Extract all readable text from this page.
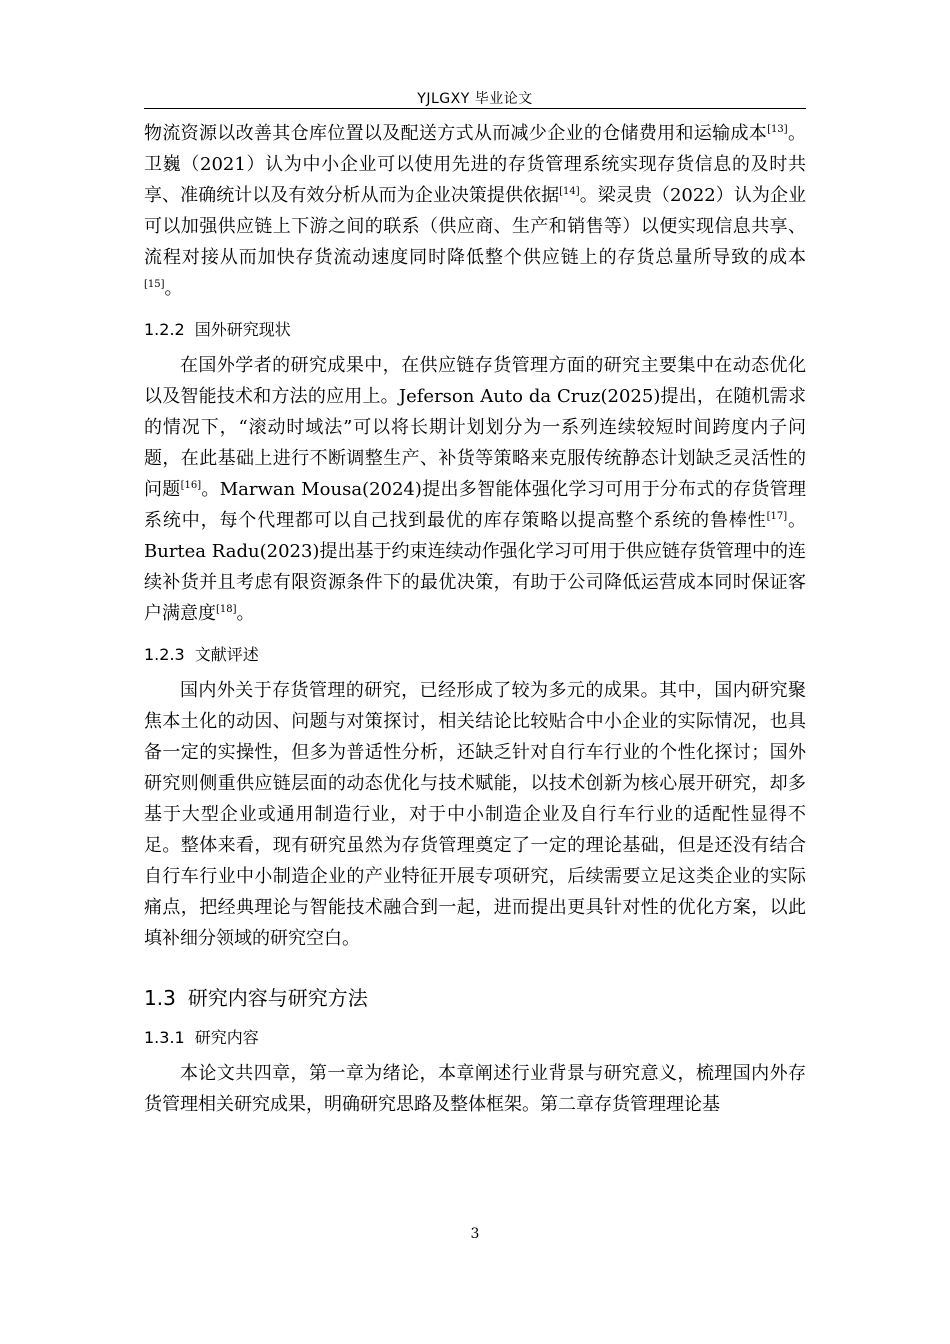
YJLGXY 毕业论文

物流资源以改善其仓库位置以及配送方式从而减少企业的仓储费用和运输成本[13]。卫巍（2021）认为中小企业可以使用先进的存货管理系统实现存货信息的及时共享、准确统计以及有效分析从而为企业决策提供依据[14]。梁灵贵（2022）认为企业可以加强供应链上下游之间的联系（供应商、生产和销售等）以便实现信息共享、流程对接从而加快存货流动速度同时降低整个供应链上的存货总量所导致的成本[15]。

1.2.2 国外研究现状

在国外学者的研究成果中，在供应链存货管理方面的研究主要集中在动态优化以及智能技术和方法的应用上。Jeferson Auto da Cruz(2025)提出，在随机需求的情况下，“滚动时域法”可以将长期计划划分为一系列连续较短时间跨度内子问题，在此基础上进行不断调整生产、补货等策略来克服传统静态计划缺乏灵活性的问题[16]。Marwan Mousa(2024)提出多智能体强化学习可用于分布式的存货管理系统中，每个代理都可以自己找到最优的库存策略以提高整个系统的鲁棒性[17]。Burtea Radu(2023)提出基于约束连续动作强化学习可用于供应链存货管理中的连续补货并且考虑有限资源条件下的最优决策，有助于公司降低运营成本同时保证客户满意度[18]。

1.2.3 文献评述

国内外关于存货管理的研究，已经形成了较为多元的成果。其中，国内研究聚焦本土化的动因、问题与对策探讨，相关结论比较贴合中小企业的实际情况，也具备一定的实操性，但多为普适性分析，还缺乏针对自行车行业的个性化探讨；国外研究则侧重供应链层面的动态优化与技术赋能，以技术创新为核心展开研究，却多基于大型企业或通用制造行业，对于中小制造企业及自行车行业的适配性显得不足。整体来看，现有研究虽然为存货管理奠定了一定的理论基础，但是还没有结合自行车行业中小制造企业的产业特征开展专项研究，后续需要立足这类企业的实际痛点，把经典理论与智能技术融合到一起，进而提出更具针对性的优化方案，以此填补细分领域的研究空白。

1.3 研究内容与研究方法
1.3.1 研究内容

本论文共四章，第一章为绪论，本章阐述行业背景与研究意义，梳理国内外存货管理相关研究成果，明确研究思路及整体框架。第二章存货管理理论基

3
